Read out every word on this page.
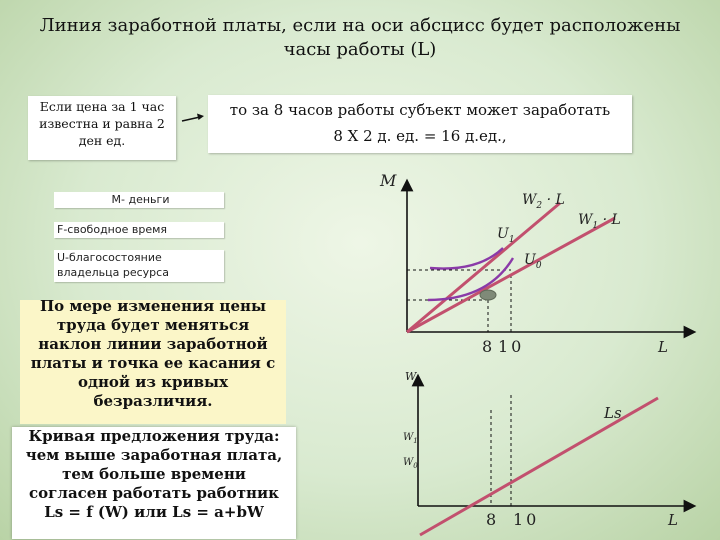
Линия заработной платы, если на оси абсцисс будет расположены
часы работы (L)
Если цена за 1 час
известна и равна 2
ден ед.
то за 8 часов работы субъект может заработать
8 Х 2 д. ед. = 16 д.ед.,
М- деньги
F-свободное время
U-благосостояние
владельца ресурса
По мере изменения цены
труда будет меняться
наклон линии заработной
платы и точка ее касания с
одной из кривых
безразличия.
Кривая предложения труда:
чем выше заработная плата,
тем больше времени
согласен работать работник
Ls = f (W) или Ls = a+bW
M
L
$W_2 \cdot L$
$W_1 \cdot L$
$U_1$
$U_0$
8 10
W
L
Ls
$W_1$
$W_0$
8 10
